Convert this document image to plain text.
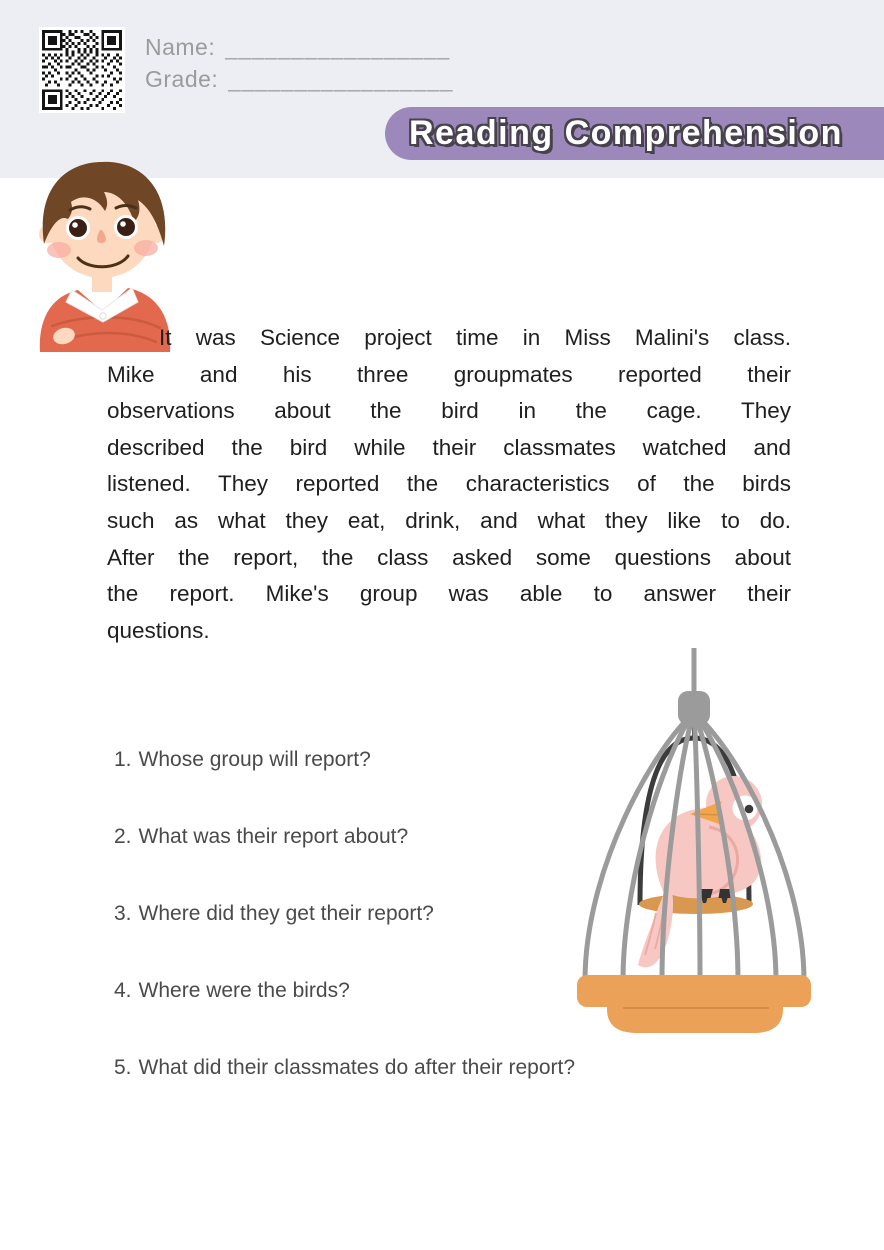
Name: _________________
Grade: _________________
Reading Comprehension
It was Science project time in Miss Malini's class.
Mike and his three groupmates reported their
observations about the bird in the cage. They
described the bird while their classmates watched and
listened. They reported the characteristics of the birds
such as what they eat, drink, and what they like to do.
After the report, the class asked some questions about
the report. Mike's group was able to answer their
questions.
1. Whose group will report?
2. What was their report about?
3. Where did they get their report?
4. Where were the birds?
5. What did their classmates do after their report?
